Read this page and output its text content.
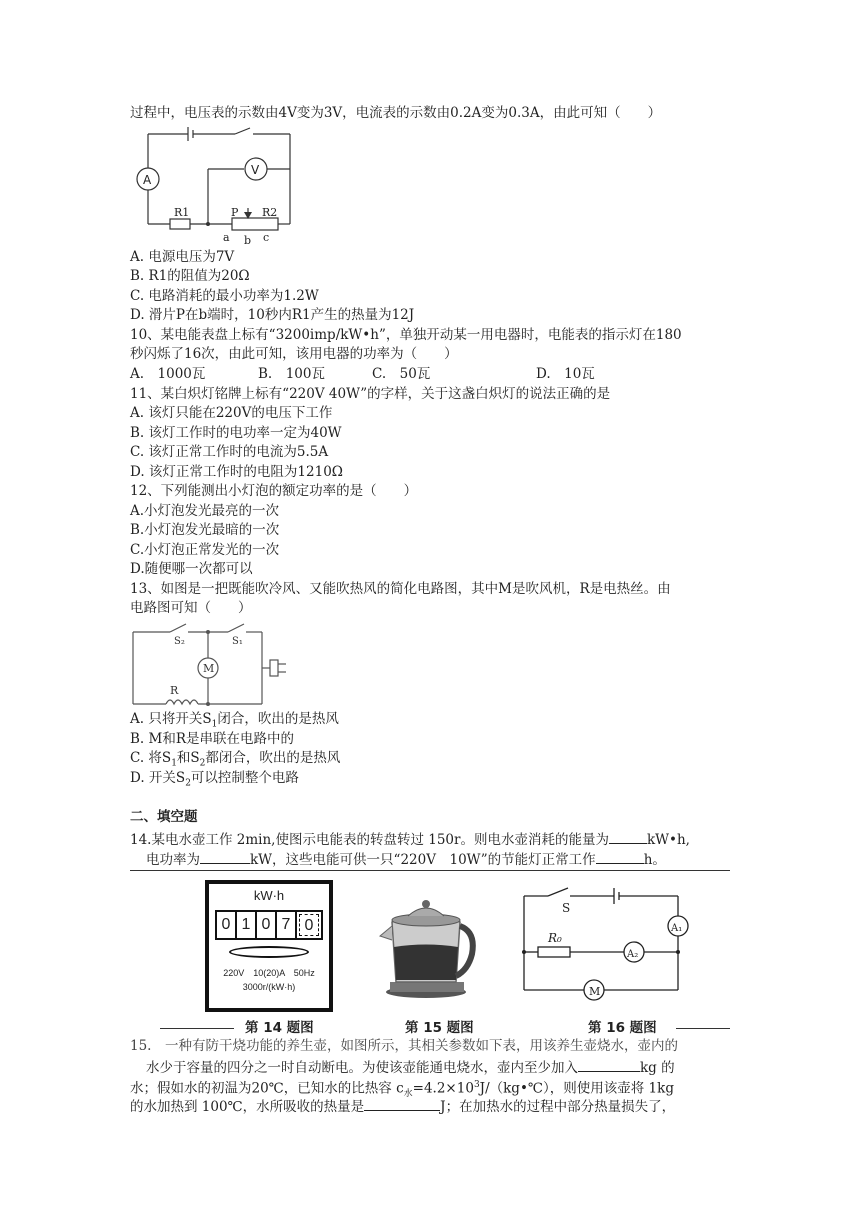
过程中，电压表的示数由4V变为3V，电流表的示数由0.2A变为0.3A，由此可知（　　）
A
V
R1	P R2
a b c
A. 电源电压为7V
B. R1的阻值为20Ω
C. 电路消耗的最小功率为1.2W
D. 滑片P在b端时，10秒内R1产生的热量为12J
10、某电能表盘上标有“3200imp/kW•h”，单独开动某一用电器时，电能表的指示灯在180
秒闪烁了16次，由此可知，该用电器的功率为（　　）
A.　1000瓦	B.　100瓦	C.　50瓦	D.　10瓦
11、某白炽灯铭牌上标有“220V 40W”的字样，关于这盏白炽灯的说法正确的是
A. 该灯只能在220V的电压下工作
B. 该灯工作时的电功率一定为40W
C. 该灯正常工作时的电流为5.5A
D. 该灯正常工作时的电阻为1210Ω
12、下列能测出小灯泡的额定功率的是（　　）
A.小灯泡发光最亮的一次
B.小灯泡发光最暗的一次
C.小灯泡正常发光的一次
D.随便哪一次都可以
13、如图是一把既能吹冷风、又能吹热风的简化电路图，其中M是吹风机，R是电热丝。由
电路图可知（　　）
S₂	S₁
M
R
A. 只将开关$S_1$闭合，吹出的是热风
B. M和R是串联在电路中的
C. 将$S_1$和$S_2$都闭合，吹出的是热风
D. 开关$S_2$可以控制整个电路
二、填空题
14.某电水壶工作 2min,使图示电能表的转盘转过 150r。则电水壶消耗的能量为	kW•h,
电功率为	kW，这些电能可供一只“220V　10W”的节能灯正常工作	h。
kW·h
0 1 0 7 0
220V　10(20)A　50Hz
3000r/(kW·h)
S
R₀
A₁
A₂
M
第 14 题图	第 15 题图	第 16 题图
15.　一种有防干烧功能的养生壶，如图所示，其相关参数如下表，用该养生壶烧水，壶内的
水少于容量的四分之一时自动断电。为使该壶能通电烧水，壶内至少加入	kg 的
水；假如水的初温为20℃，已知水的比热容 $c_水=4.2\times 10^3J/(kg•℃)$，则使用该壶将 1kg
的水加热到 100℃，水所吸收的热量是	J；在加热水的过程中部分热量损失了，
